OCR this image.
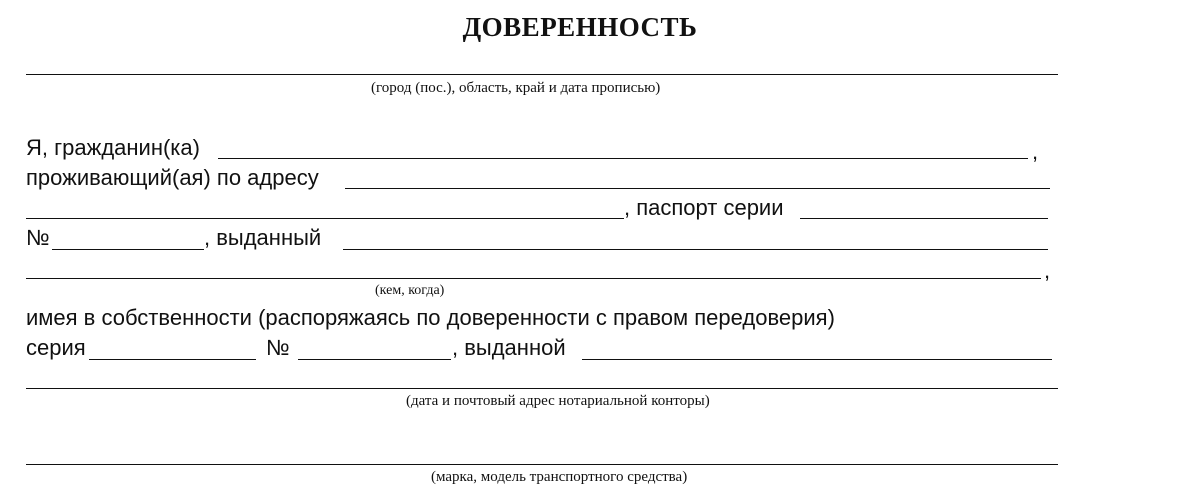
ДОВЕРЕННОСТЬ
(город (пос.), область, край и дата прописью)
Я, гражданин(ка)	,
проживающий(ая) по адресу
, паспорт серии
№	, выданный
,
(кем, когда)
имея в собственности (распоряжаясь по доверенности с правом передоверия)
серия	№	, выданной
(дата и почтовый адрес нотариальной конторы)
(марка, модель транспортного средства)
